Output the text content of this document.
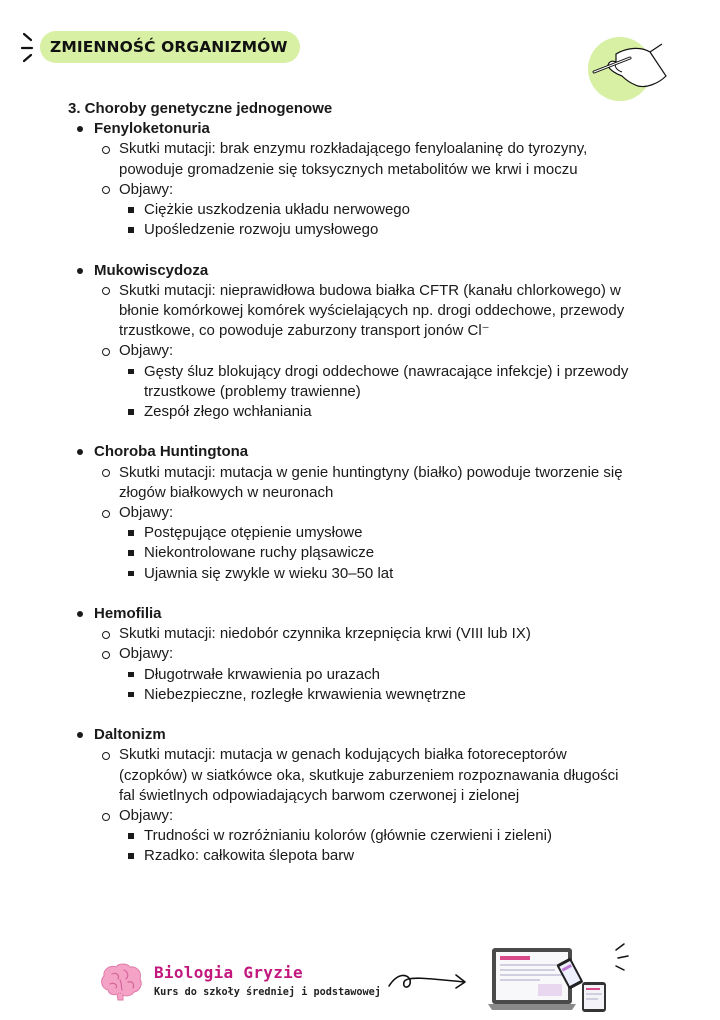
ZMIENNOŚĆ ORGANIZMÓW
3. Choroby genetyczne jednogenowe
Fenyloketonuria
Skutki mutacji: brak enzymu rozkładającego fenyloalaninę do tyrozyny,
powoduje gromadzenie się toksycznych metabolitów we krwi i moczu
Objawy:
Ciężkie uszkodzenia układu nerwowego
Upośledzenie rozwoju umysłowego
Mukowiscydoza
Skutki mutacji: nieprawidłowa budowa białka CFTR (kanału chlorkowego) w
błonie komórkowej komórek wyścielających np. drogi oddechowe, przewody
trzustkowe, co powoduje zaburzony transport jonów Cl⁻
Objawy:
Gęsty śluz blokujący drogi oddechowe (nawracające infekcje) i przewody
trzustkowe (problemy trawienne)
Zespół złego wchłaniania
Choroba Huntingtona
Skutki mutacji: mutacja w genie huntingtyny (białko) powoduje tworzenie się
złogów białkowych w neuronach
Objawy:
Postępujące otępienie umysłowe
Niekontrolowane ruchy pląsawicze
Ujawnia się zwykle w wieku 30–50 lat
Hemofilia
Skutki mutacji: niedobór czynnika krzepnięcia krwi (VIII lub IX)
Objawy:
Długotrwałe krwawienia po urazach
Niebezpieczne, rozległe krwawienia wewnętrzne
Daltonizm
Skutki mutacji: mutacja w genach kodujących białka fotoreceptorów
(czopków) w siatkówce oka, skutkuje zaburzeniem rozpoznawania długości
fal świetlnych odpowiadających barwom czerwonej i zielonej
Objawy:
Trudności w rozróżnianiu kolorów (głównie czerwieni i zieleni)
Rzadko: całkowita ślepota barw
Biologia Gryzie
Kurs do szkoły średniej i podstawowej
